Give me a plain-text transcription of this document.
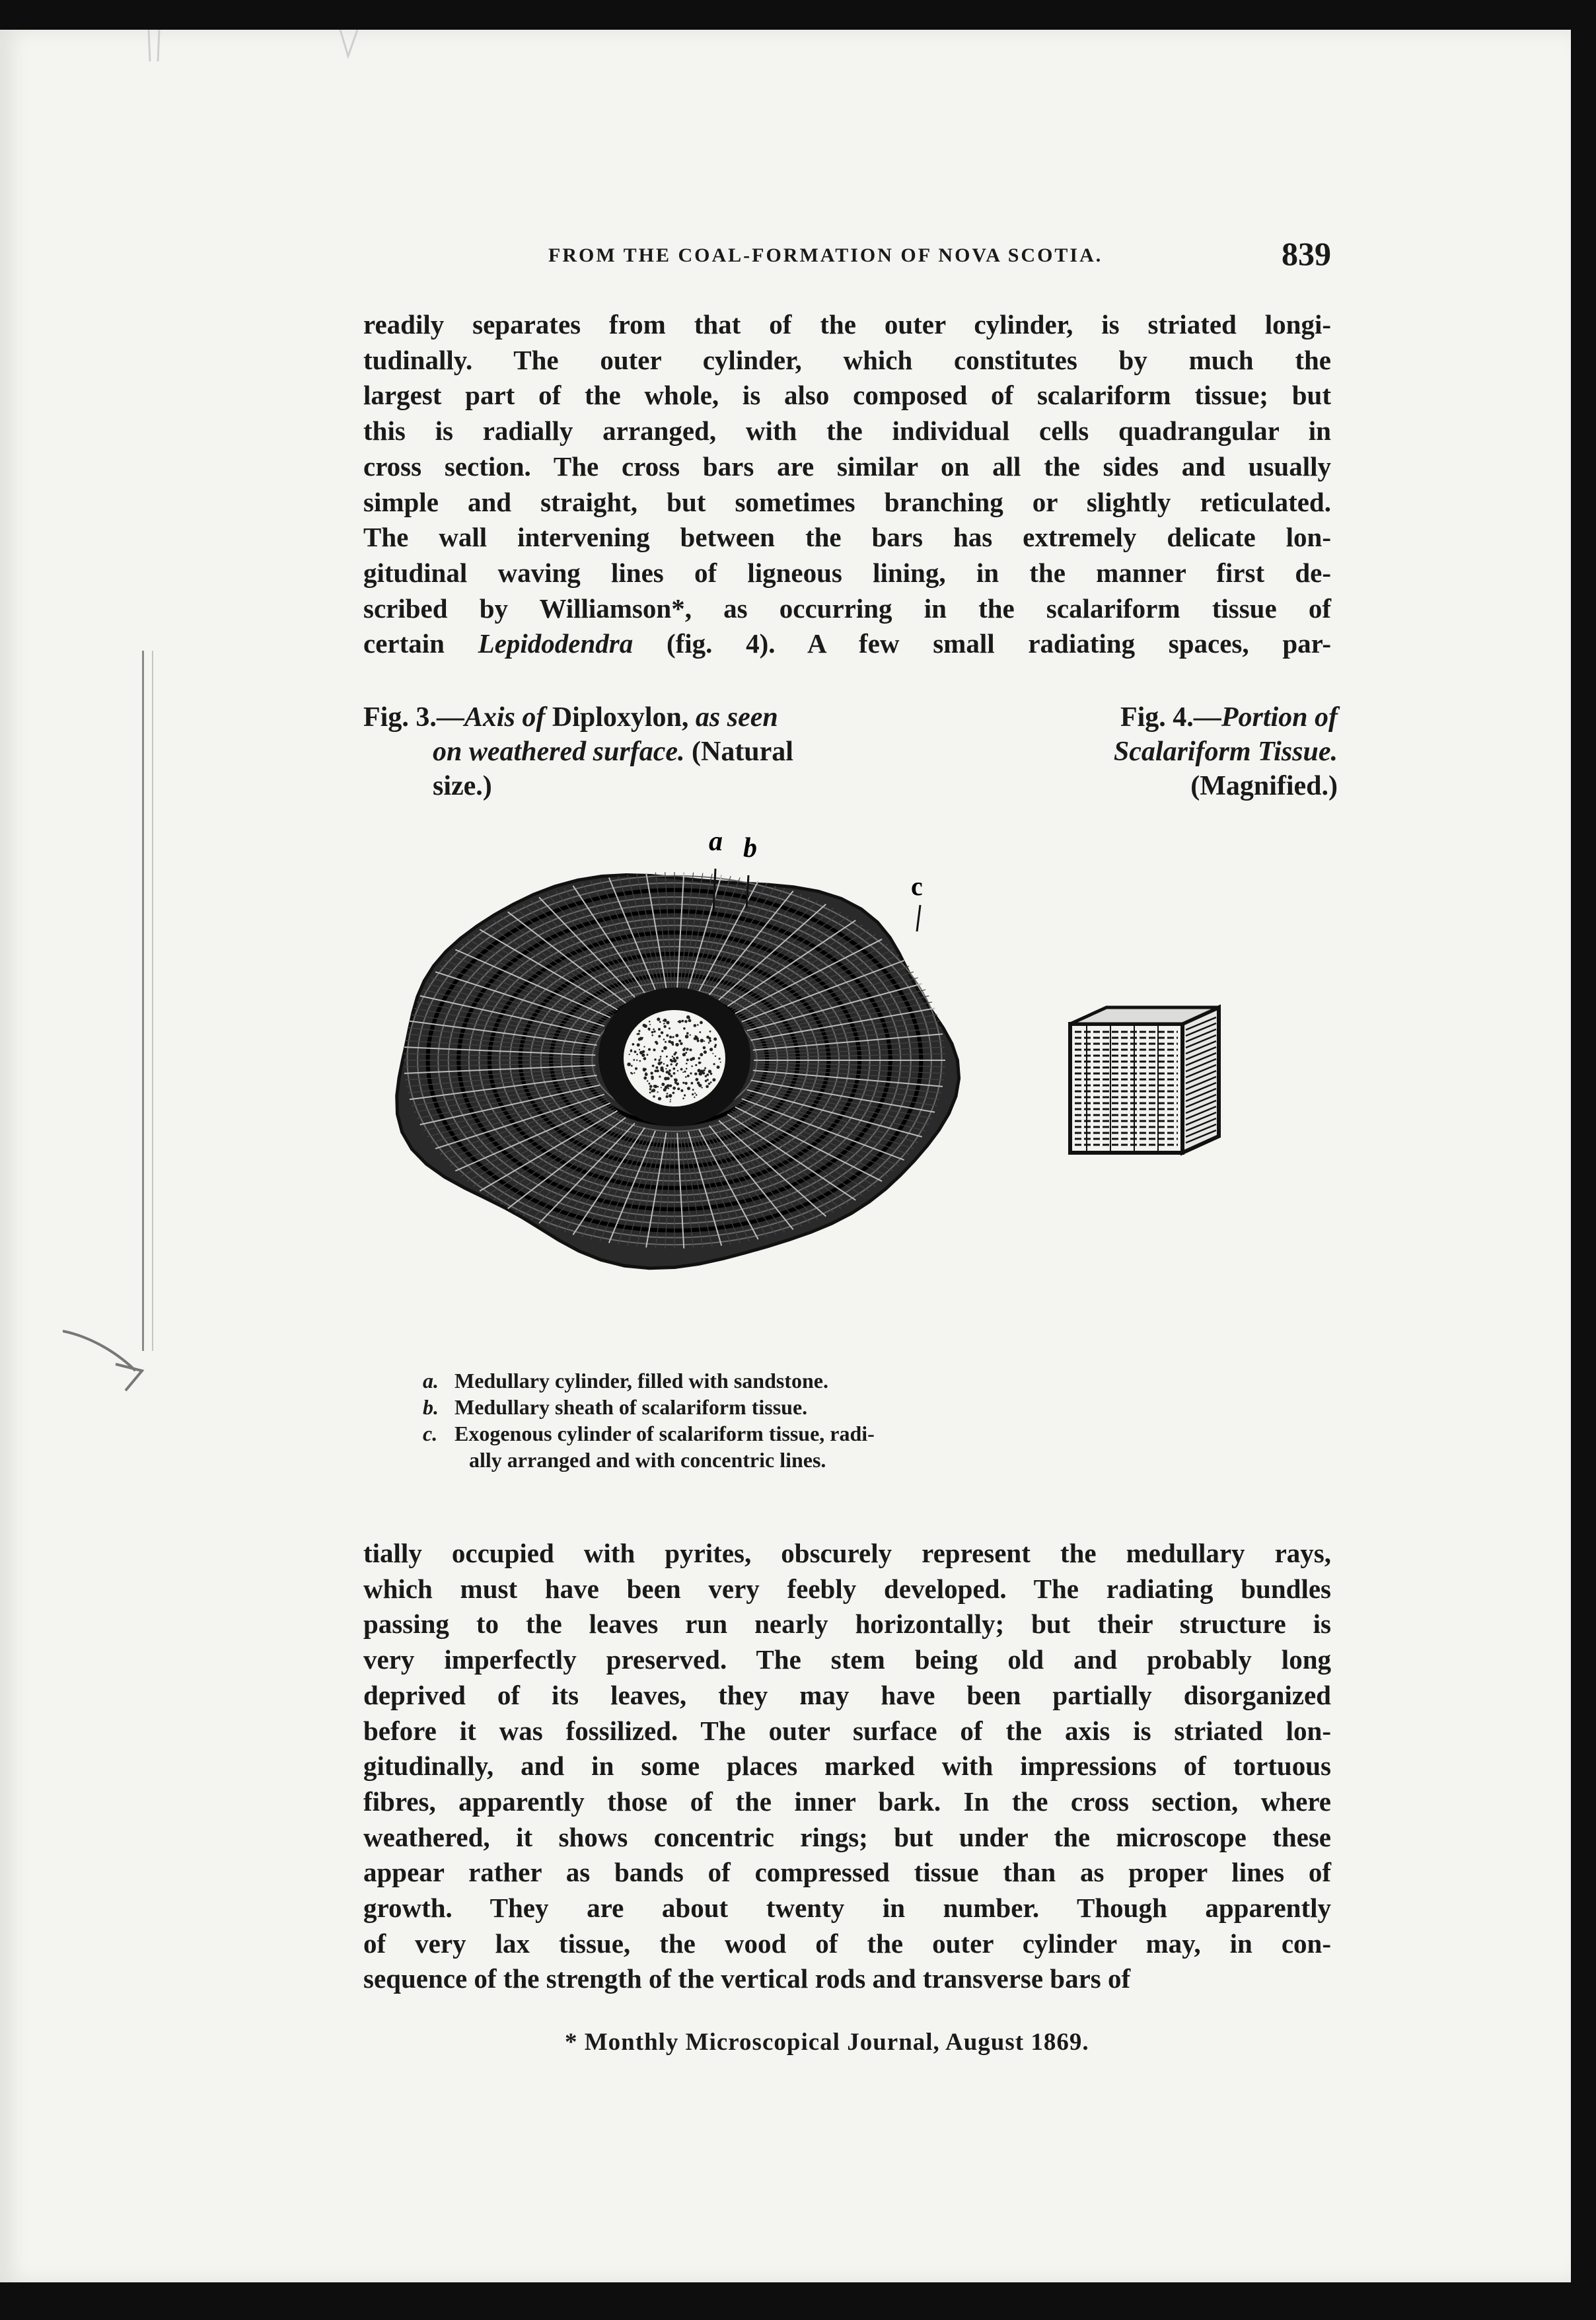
FROM THE COAL-FORMATION OF NOVA SCOTIA.	839
readily separates from that of the outer cylinder, is striated longi-
tudinally. The outer cylinder, which constitutes by much the
largest part of the whole, is also composed of scalariform tissue; but
this is radially arranged, with the individual cells quadrangular in
cross section. The cross bars are similar on all the sides and usually
simple and straight, but sometimes branching or slightly reticulated.
The wall intervening between the bars has extremely delicate lon-
gitudinal waving lines of ligneous lining, in the manner first de-
scribed by Williamson*, as occurring in the scalariform tissue of
certain Lepidodendra (fig. 4). A few small radiating spaces, par-
Fig. 3.—Axis of Diploxylon, as seen
on weathered surface. (Natural
size.)
Fig. 4.—Portion of
Scalariform Tissue.
(Magnified.)
a b
c
a. Medullary cylinder, filled with sandstone.
b. Medullary sheath of scalariform tissue.
c. Exogenous cylinder of scalariform tissue, radi-
ally arranged and with concentric lines.
tially occupied with pyrites, obscurely represent the medullary rays,
which must have been very feebly developed. The radiating bundles
passing to the leaves run nearly horizontally; but their structure is
very imperfectly preserved. The stem being old and probably long
deprived of its leaves, they may have been partially disorganized
before it was fossilized. The outer surface of the axis is striated lon-
gitudinally, and in some places marked with impressions of tortuous
fibres, apparently those of the inner bark. In the cross section, where
weathered, it shows concentric rings; but under the microscope these
appear rather as bands of compressed tissue than as proper lines of
growth. They are about twenty in number. Though apparently
of very lax tissue, the wood of the outer cylinder may, in con-
sequence of the strength of the vertical rods and transverse bars of
* Monthly Microscopical Journal, August 1869.
